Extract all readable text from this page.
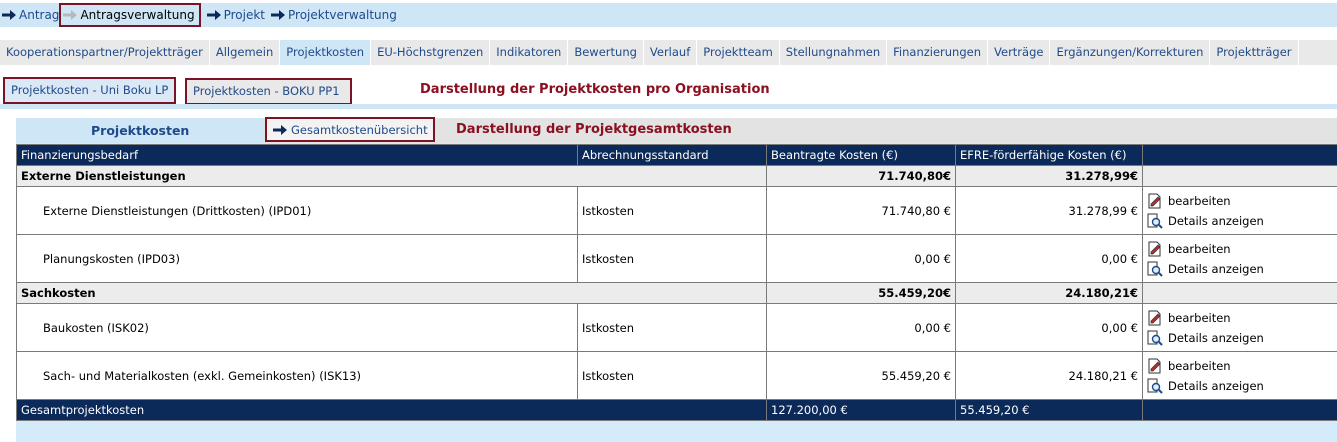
Antrag Antragsverwaltung Projekt Projektverwaltung
Kooperationspartner/Projektträger	Allgemein	Projektkosten	EU-Höchstgrenzen	Indikatoren	Bewertung	Verlauf	Projektteam	Stellungnahmen	Finanzierungen	Verträge	Ergänzungen/Korrekturen	Projektträger
Projektkosten - Uni Boku LP	Projektkosten - BOKU PP1	Darstellung der Projektkosten pro Organisation
Projektkosten	Gesamtkostenübersicht Darstellung der Projektgesamtkosten
Finanzierungsbedarf	Abrechnungsstandard	Beantragte Kosten (€)	EFRE-förderfähige Kosten (€)	
Externe Dienstleistungen		71.740,80€	31.278,99€	
Externe Dienstleistungen (Drittkosten) (IPD01)	Istkosten	71.740,80 €	31.278,99 €	bearbeiten
Details anzeigen

Planungskosten (IPD03)	Istkosten	0,00 €	0,00 €	bearbeiten
Details anzeigen

Sachkosten		55.459,20€	24.180,21€	
Baukosten (ISK02)	Istkosten	0,00 €	0,00 €	bearbeiten
Details anzeigen

Sach- und Materialkosten (exkl. Gemeinkosten) (ISK13)	Istkosten	55.459,20 €	24.180,21 €	bearbeiten
Details anzeigen

Gesamtprojektkosten		127.200,00 €	55.459,20 €	
